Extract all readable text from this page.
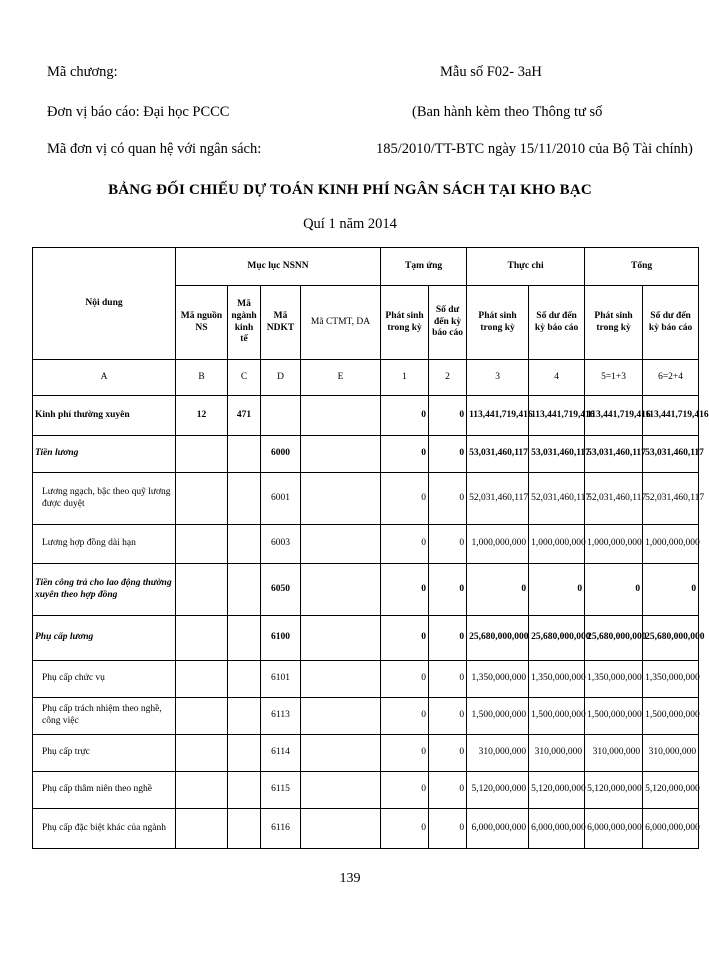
Mã chương:	Mẫu số F02- 3aH
Đơn vị báo cáo: Đại học PCCC	(Ban hành kèm theo Thông tư số
Mã đơn vị có quan hệ với ngân sách:	185/2010/TT-BTC ngày 15/11/2010 của Bộ Tài chính)
BẢNG ĐỐI CHIẾU DỰ TOÁN KINH PHÍ NGÂN SÁCH TẠI KHO BẠC
Quí 1 năm 2014
Nội dung	Mục lục NSNN				Tạm ứng		Thực chi		Tổng	
	Mã nguồn NS	Mã ngành kinh tế	Mã NDKT	Mã CTMT, DA	Phát sinh trong kỳ	Số dư đến kỳ báo cáo	Phát sinh trong kỳ	Số dư đến kỳ báo cáo	Phát sinh trong kỳ	Số dư đến kỳ báo cáo
A	B	C	D	E	1	2	3	4	5=1+3	6=2+4
Kinh phí thường xuyên	12	471			0	0	113,441,719,416	113,441,719,416	113,441,719,416	113,441,719,416
Tiền lương			6000		0	0	53,031,460,117	53,031,460,117	53,031,460,117	53,031,460,117
Lương ngạch, bậc theo quỹ lương được duyệt			6001		0	0	52,031,460,117	52,031,460,117	52,031,460,117	52,031,460,117
Lương hợp đồng dài hạn			6003		0	0	1,000,000,000	1,000,000,000	1,000,000,000	1,000,000,000
Tiền công trả cho lao động thường xuyên theo hợp đồng			6050		0	0	0	0	0	0
Phụ cấp lương			6100		0	0	25,680,000,000	25,680,000,000	25,680,000,000	25,680,000,000
Phụ cấp chức vụ			6101		0	0	1,350,000,000	1,350,000,000	1,350,000,000	1,350,000,000
Phụ cấp trách nhiệm theo nghề, công việc			6113		0	0	1,500,000,000	1,500,000,000	1,500,000,000	1,500,000,000
Phụ cấp trực			6114		0	0	310,000,000	310,000,000	310,000,000	310,000,000
Phụ cấp thâm niên theo nghề			6115		0	0	5,120,000,000	5,120,000,000	5,120,000,000	5,120,000,000
Phụ cấp đặc biệt khác của ngành			6116		0	0	6,000,000,000	6,000,000,000	6,000,000,000	6,000,000,000
139
